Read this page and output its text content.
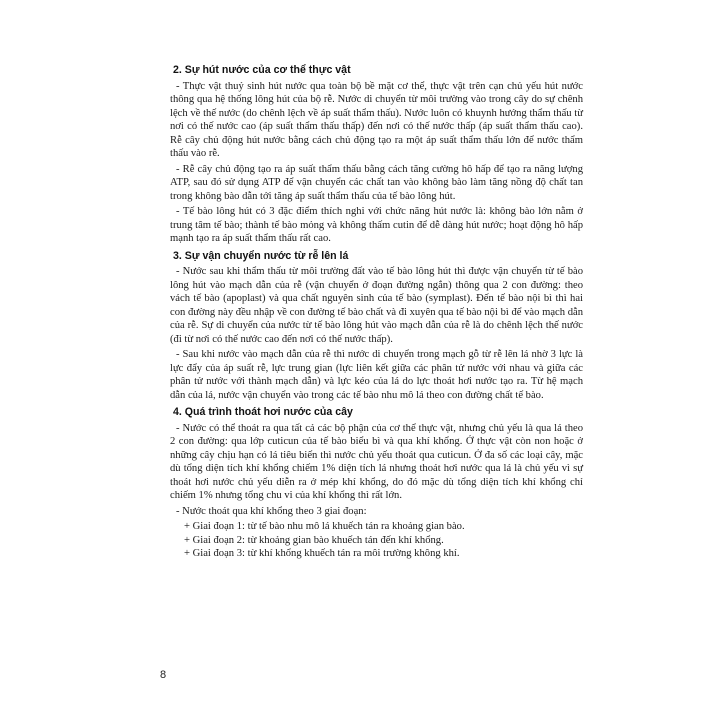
2. Sự hút nước của cơ thể thực vật

- Thực vật thuỷ sinh hút nước qua toàn bộ bề mặt cơ thể, thực vật trên cạn chủ yếu hút nước thông qua hệ thống lông hút của bộ rễ. Nước di chuyển từ môi trường vào trong cây do sự chênh lệch về thế nước (do chênh lệch về áp suất thẩm thấu). Nước luôn có khuynh hướng thẩm thấu từ nơi có thế nước cao (áp suất thẩm thấu thấp) đến nơi có thế nước thấp (áp suất thẩm thấu cao). Rễ cây chủ động hút nước bằng cách chủ động tạo ra một áp suất thẩm thấu lớn để nước thẩm thấu vào rễ.

- Rễ cây chủ động tạo ra áp suất thẩm thấu bằng cách tăng cường hô hấp để tạo ra năng lượng ATP, sau đó sử dụng ATP để vận chuyển các chất tan vào không bào làm tăng nồng độ chất tan trong không bào dẫn tới tăng áp suất thẩm thấu của tế bào lông hút.

- Tế bào lông hút có 3 đặc điểm thích nghi với chức năng hút nước là: không bào lớn nằm ở trung tâm tế bào; thành tế bào mỏng và không thấm cutin để dễ dàng hút nước; hoạt động hô hấp mạnh tạo ra áp suất thẩm thấu rất cao.

3. Sự vận chuyển nước từ rễ lên lá

- Nước sau khi thẩm thấu từ môi trường đất vào tế bào lông hút thì được vận chuyển từ tế bào lông hút vào mạch dẫn của rễ (vận chuyển ở đoạn đường ngắn) thông qua 2 con đường: theo vách tế bào (apoplast) và qua chất nguyên sinh của tế bào (symplast). Đến tế bào nội bì thì hai con đường này đều nhập về con đường tế bào chất và đi xuyên qua tế bào nội bì để vào mạch dẫn của rễ. Sự di chuyển của nước từ tế bào lông hút vào mạch dẫn của rễ là do chênh lệch thế nước (đi từ nơi có thế nước cao đến nơi có thế nước thấp).

- Sau khi nước vào mạch dẫn của rễ thì nước di chuyển trong mạch gỗ từ rễ lên lá nhờ 3 lực là lực đẩy của áp suất rễ, lực trung gian (lực liên kết giữa các phân tử nước với nhau và giữa các phân tử nước với thành mạch dẫn) và lực kéo của lá do lực thoát hơi nước tạo ra. Từ hệ mạch dẫn của lá, nước vận chuyển vào trong các tế bào nhu mô lá theo con đường chất tế bào.

4. Quá trình thoát hơi nước của cây

- Nước có thể thoát ra qua tất cả các bộ phận của cơ thể thực vật, nhưng chủ yếu là qua lá theo 2 con đường: qua lớp cuticun của tế bào biểu bì và qua khí khổng. Ở thực vật còn non hoặc ở những cây chịu hạn có lá tiêu biến thì nước chủ yếu thoát qua cuticun. Ở đa số các loại cây, mặc dù tổng diện tích khí khổng chiếm 1% diện tích lá nhưng thoát hơi nước qua lá là chủ yếu vì sự thoát hơi nước chủ yếu diễn ra ở mép khí khổng, do đó mặc dù tổng diện tích khí khổng chỉ chiếm 1% nhưng tổng chu vi của khí khổng thì rất lớn.

- Nước thoát qua khí khổng theo 3 giai đoạn:

+ Giai đoạn 1: từ tế bào nhu mô lá khuếch tán ra khoảng gian bào.

+ Giai đoạn 2: từ khoảng gian bào khuếch tán đến khí khổng.

+ Giai đoạn 3: từ khí khổng khuếch tán ra môi trường không khí.

8
